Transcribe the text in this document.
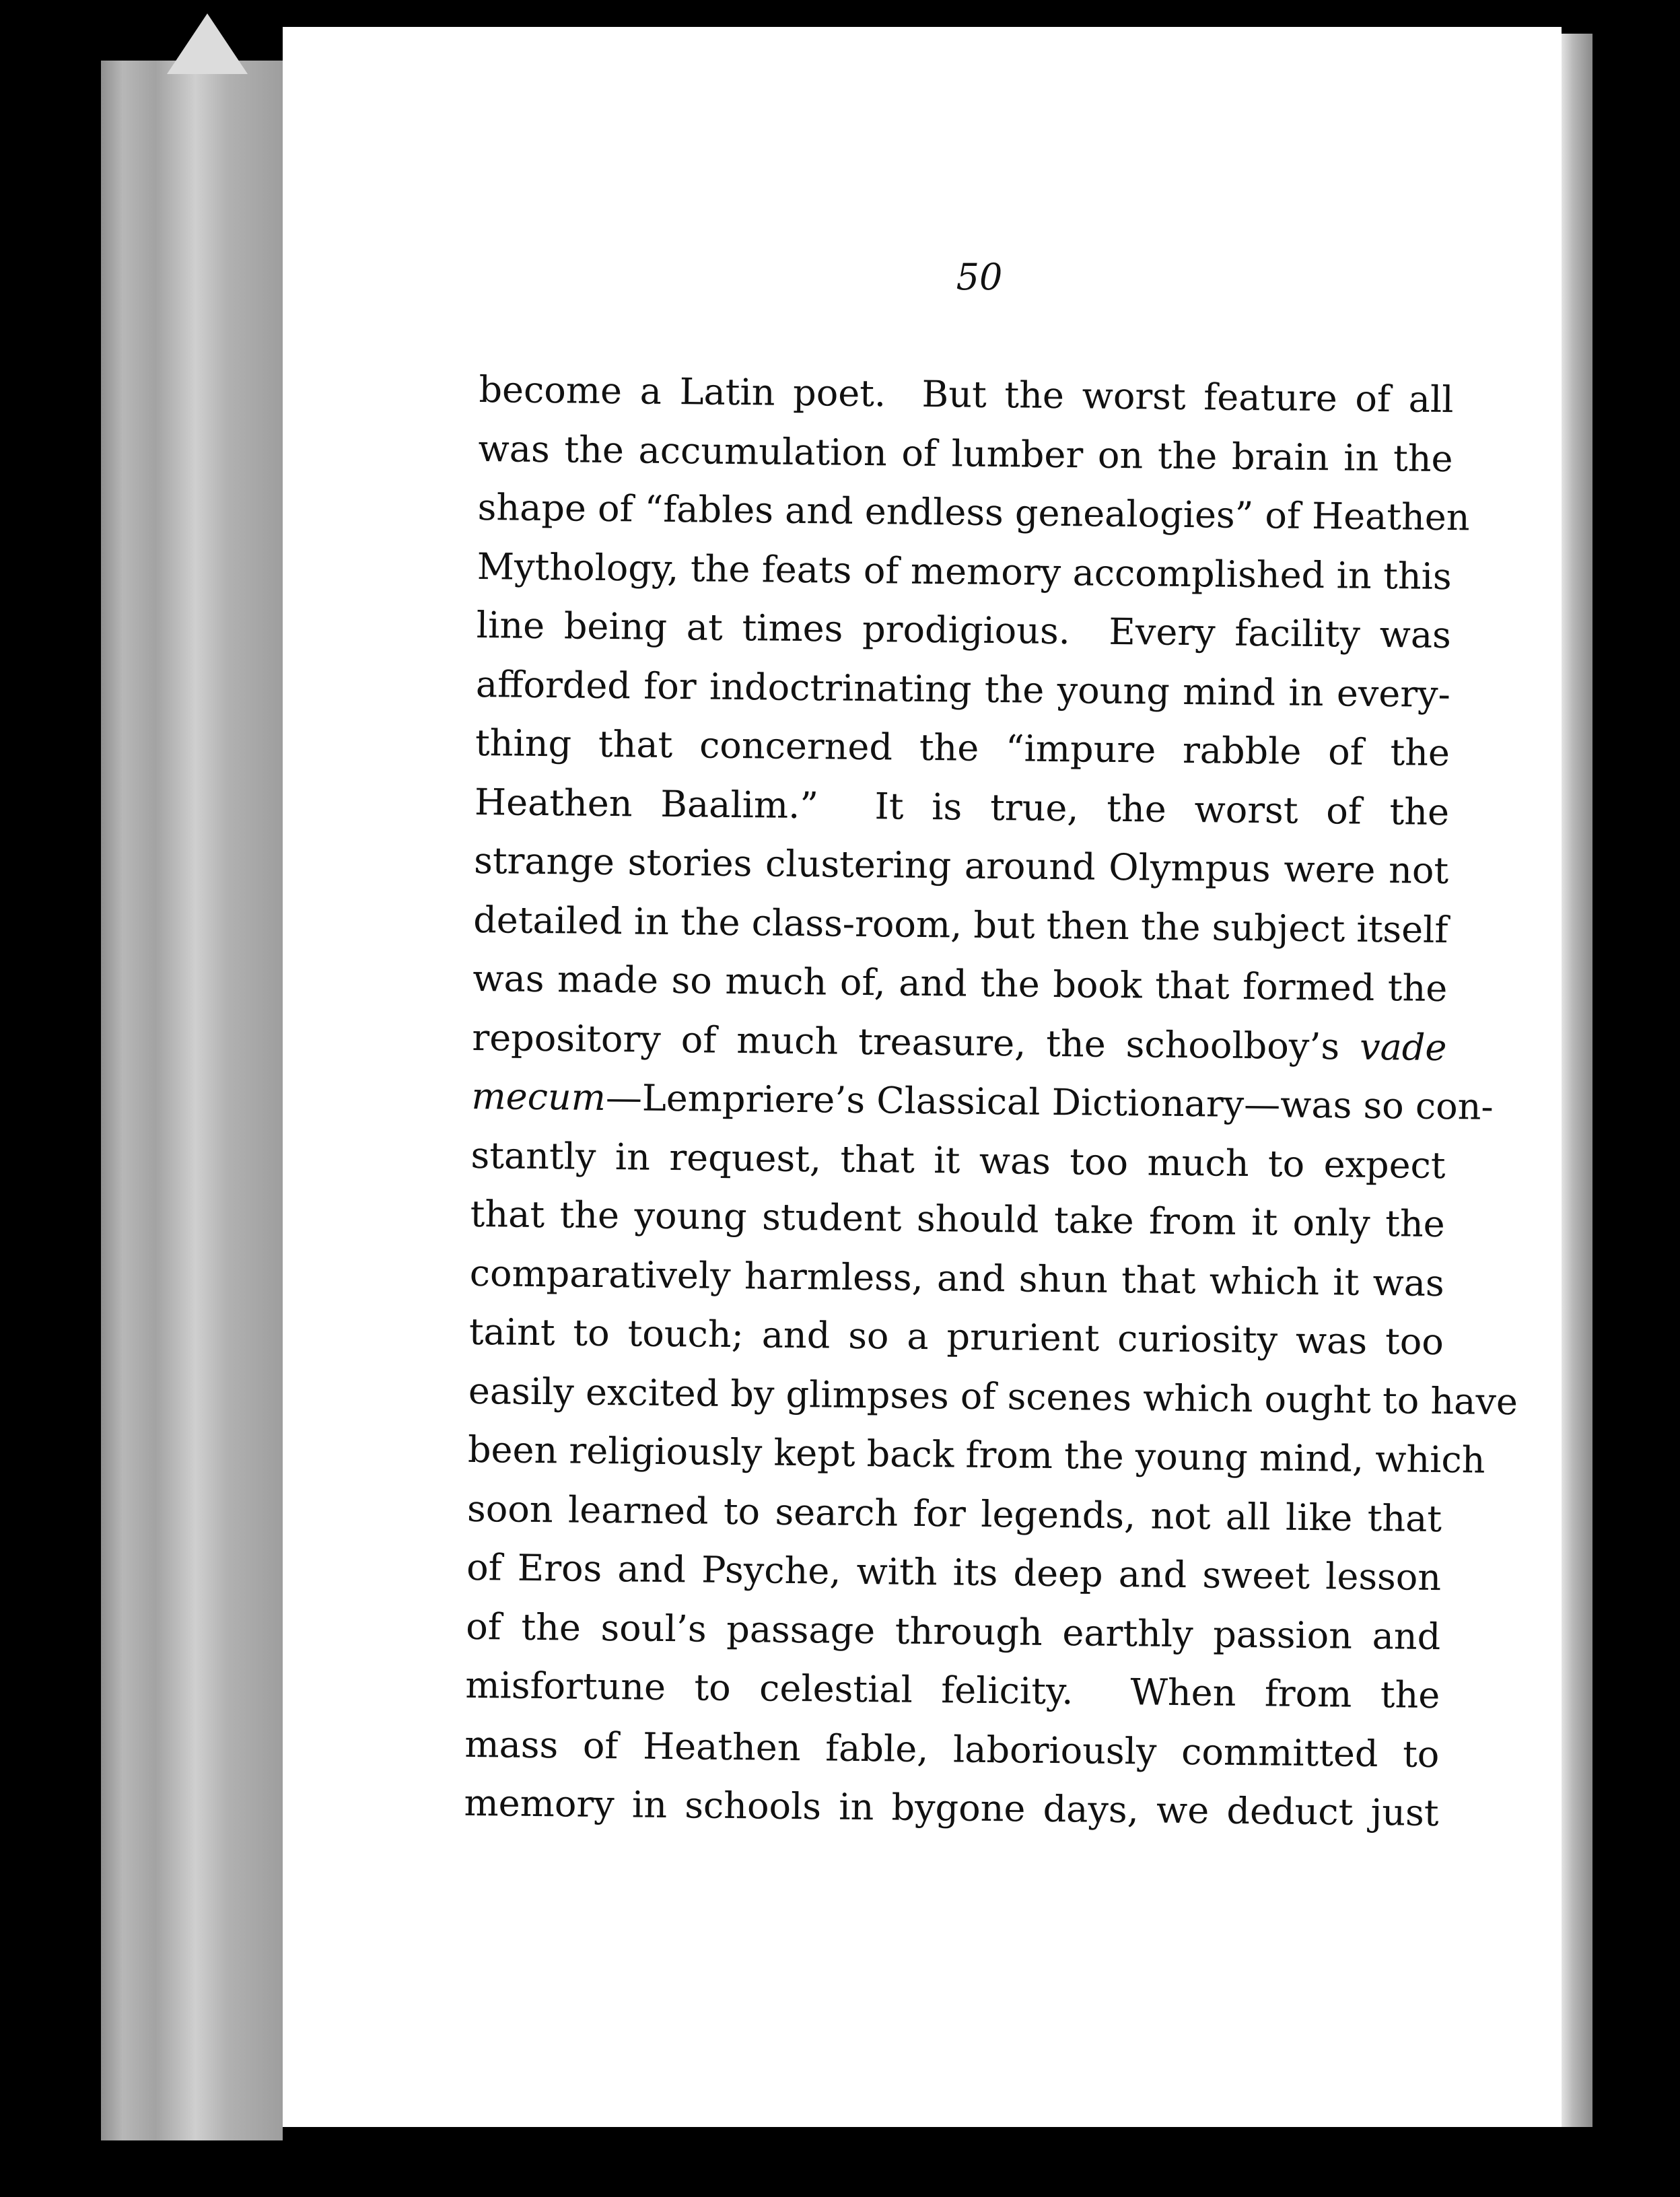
50
become a Latin poet.  But the worst feature of all
was the accumulation of lumber on the brain in the
shape of “fables and endless genealogies” of Heathen
Mythology, the feats of memory accomplished in this
line being at times prodigious.  Every facility was
afforded for indoctrinating the young mind in every-
thing that concerned the “impure rabble of the
Heathen Baalim.”  It is true, the worst of the
strange stories clustering around Olympus were not
detailed in the class-room, but then the subject itself
was made so much of, and the book that formed the
repository of much treasure, the schoolboy’s vade
mecum—Lempriere’s Classical Dictionary—was so con-
stantly in request, that it was too much to expect
that the young student should take from it only the
comparatively harmless, and shun that which it was
taint to touch; and so a prurient curiosity was too
easily excited by glimpses of scenes which ought to have
been religiously kept back from the young mind, which
soon learned to search for legends, not all like that
of Eros and Psyche, with its deep and sweet lesson
of the soul’s passage through earthly passion and
misfortune to celestial felicity.  When from the
mass of Heathen fable, laboriously committed to
memory in schools in bygone days, we deduct just
